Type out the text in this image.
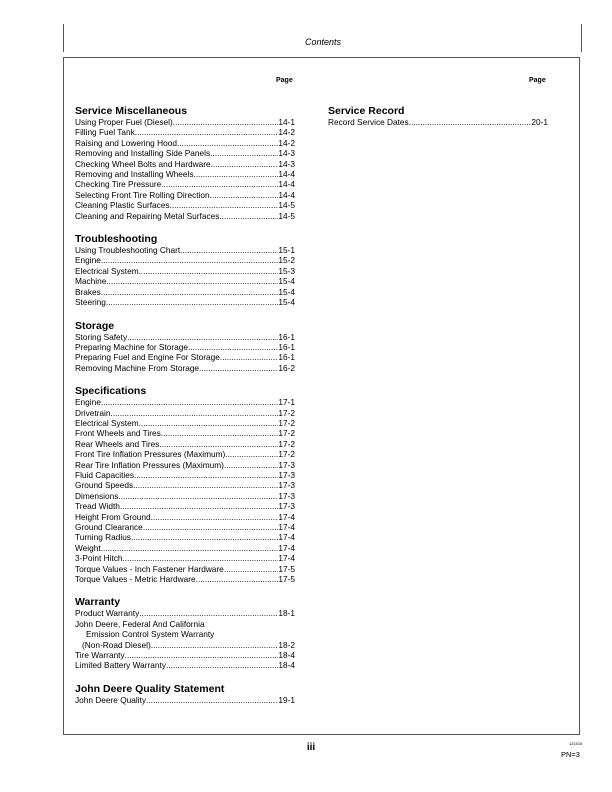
Contents
Page	Page
Service Miscellaneous
Using Proper Fuel (Diesel) .....	14-1
Filling Fuel Tank .....	14-2
Raising and Lowering Hood .....	14-2
Removing and Installing Side Panels .....	14-3
Checking Wheel Bolts and Hardware .....	14-3
Removing and Installing Wheels .....	14-4
Checking Tire Pressure .....	14-4
Selecting Front Tire Rolling Direction .....	14-4
Cleaning Plastic Surfaces .....	14-5
Cleaning and Repairing Metal Surfaces .....	14-5
Troubleshooting
Using Troubleshooting Chart .....	15-1
Engine .....	15-2
Electrical System .....	15-3
Machine .....	15-4
Brakes .....	15-4
Steering .....	15-4
Storage
Storing Safety .....	16-1
Preparing Machine for Storage .....	16-1
Preparing Fuel and Engine For Storage .....	16-1
Removing Machine From Storage .....	16-2
Specifications
Engine .....	17-1
Drivetrain .....	17-2
Electrical System .....	17-2
Front Wheels and Tires .....	17-2
Rear Wheels and Tires .....	17-2
Front Tire Inflation Pressures (Maximum) .....	17-2
Rear Tire Inflation Pressures (Maximum) .....	17-3
Fluid Capacities .....	17-3
Ground Speeds .....	17-3
Dimensions .....	17-3
Tread Width .....	17-3
Height From Ground .....	17-4
Ground Clearance .....	17-4
Turning Radius .....	17-4
Weight .....	17-4
3-Point Hitch .....	17-4
Torque Values - Inch Fastener Hardware .....	17-5
Torque Values - Metric Hardware .....	17-5
Warranty
Product Warranty .....	18-1
John Deere, Federal And California
Emission Control System Warranty
(Non-Road Diesel) .....	18-2
Tire Warranty .....	18-4
Limited Battery Warranty .....	18-4
John Deere Quality Statement
John Deere Quality .....	19-1
Service Record
Record Service Dates .....	20-1
iii	121515
PN=3
